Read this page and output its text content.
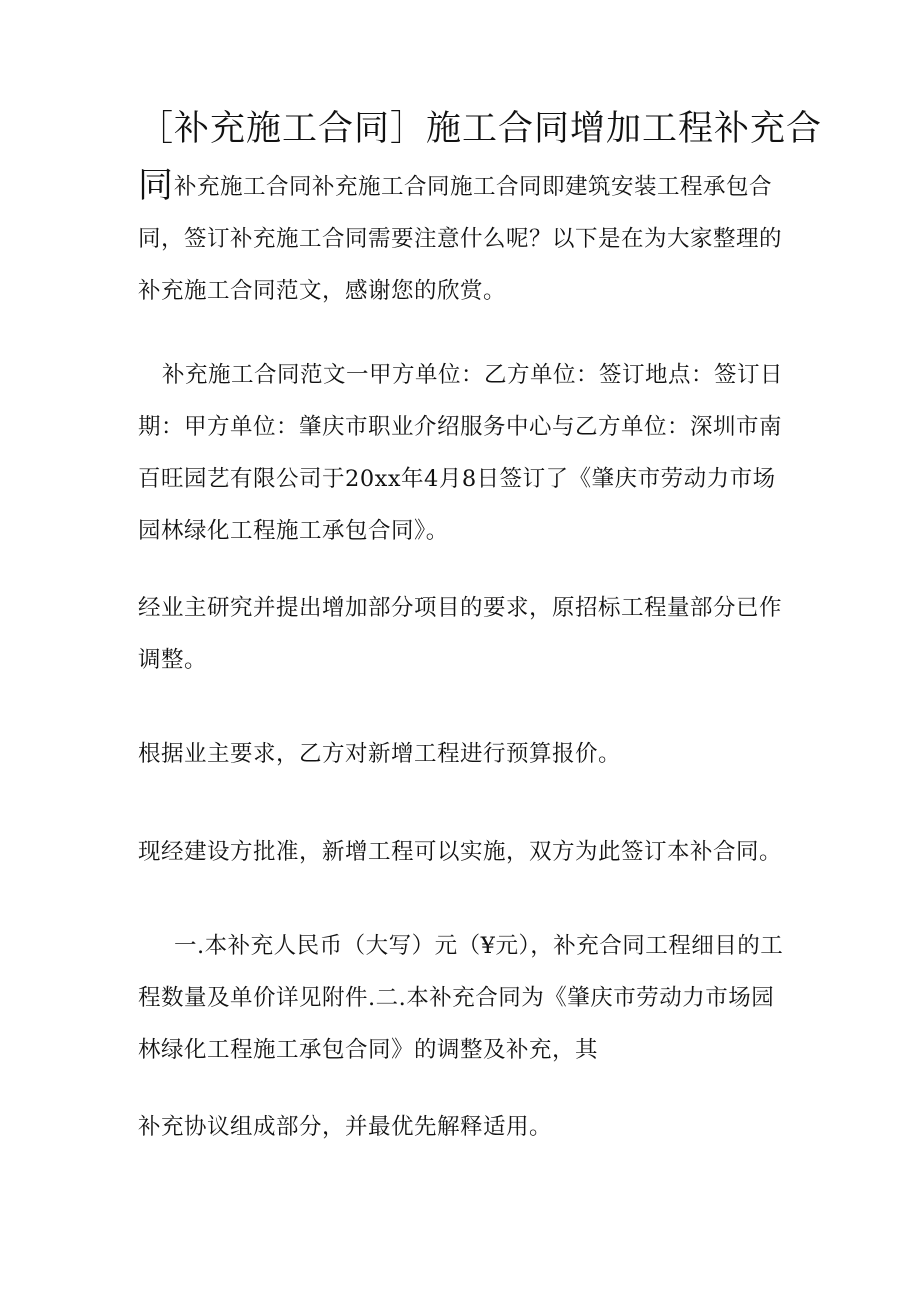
［补充施工合同］施工合同增加工程补充合

同补充施工合同补充施工合同施工合同即建筑安装工程承包合同，签订补充施工合同需要注意什么呢？以下是在为大家整理的补充施工合同范文，感谢您的欣赏。

补充施工合同范文一甲方单位：乙方单位：签订地点：签订日期：甲方单位：肇庆市职业介绍服务中心与乙方单位：深圳市南百旺园艺有限公司于20xx年4月8日签订了《肇庆市劳动力市场园林绿化工程施工承包合同》。

经业主研究并提出增加部分项目的要求，原招标工程量部分已作调整。

根据业主要求，乙方对新增工程进行预算报价。

现经建设方批准，新增工程可以实施，双方为此签订本补合同。

一.本补充人民币（大写）元（¥元），补充合同工程细目的工程数量及单价详见附件.二.本补充合同为《肇庆市劳动力市场园林绿化工程施工承包合同》的调整及补充，其

补充协议组成部分，并最优先解释适用。
